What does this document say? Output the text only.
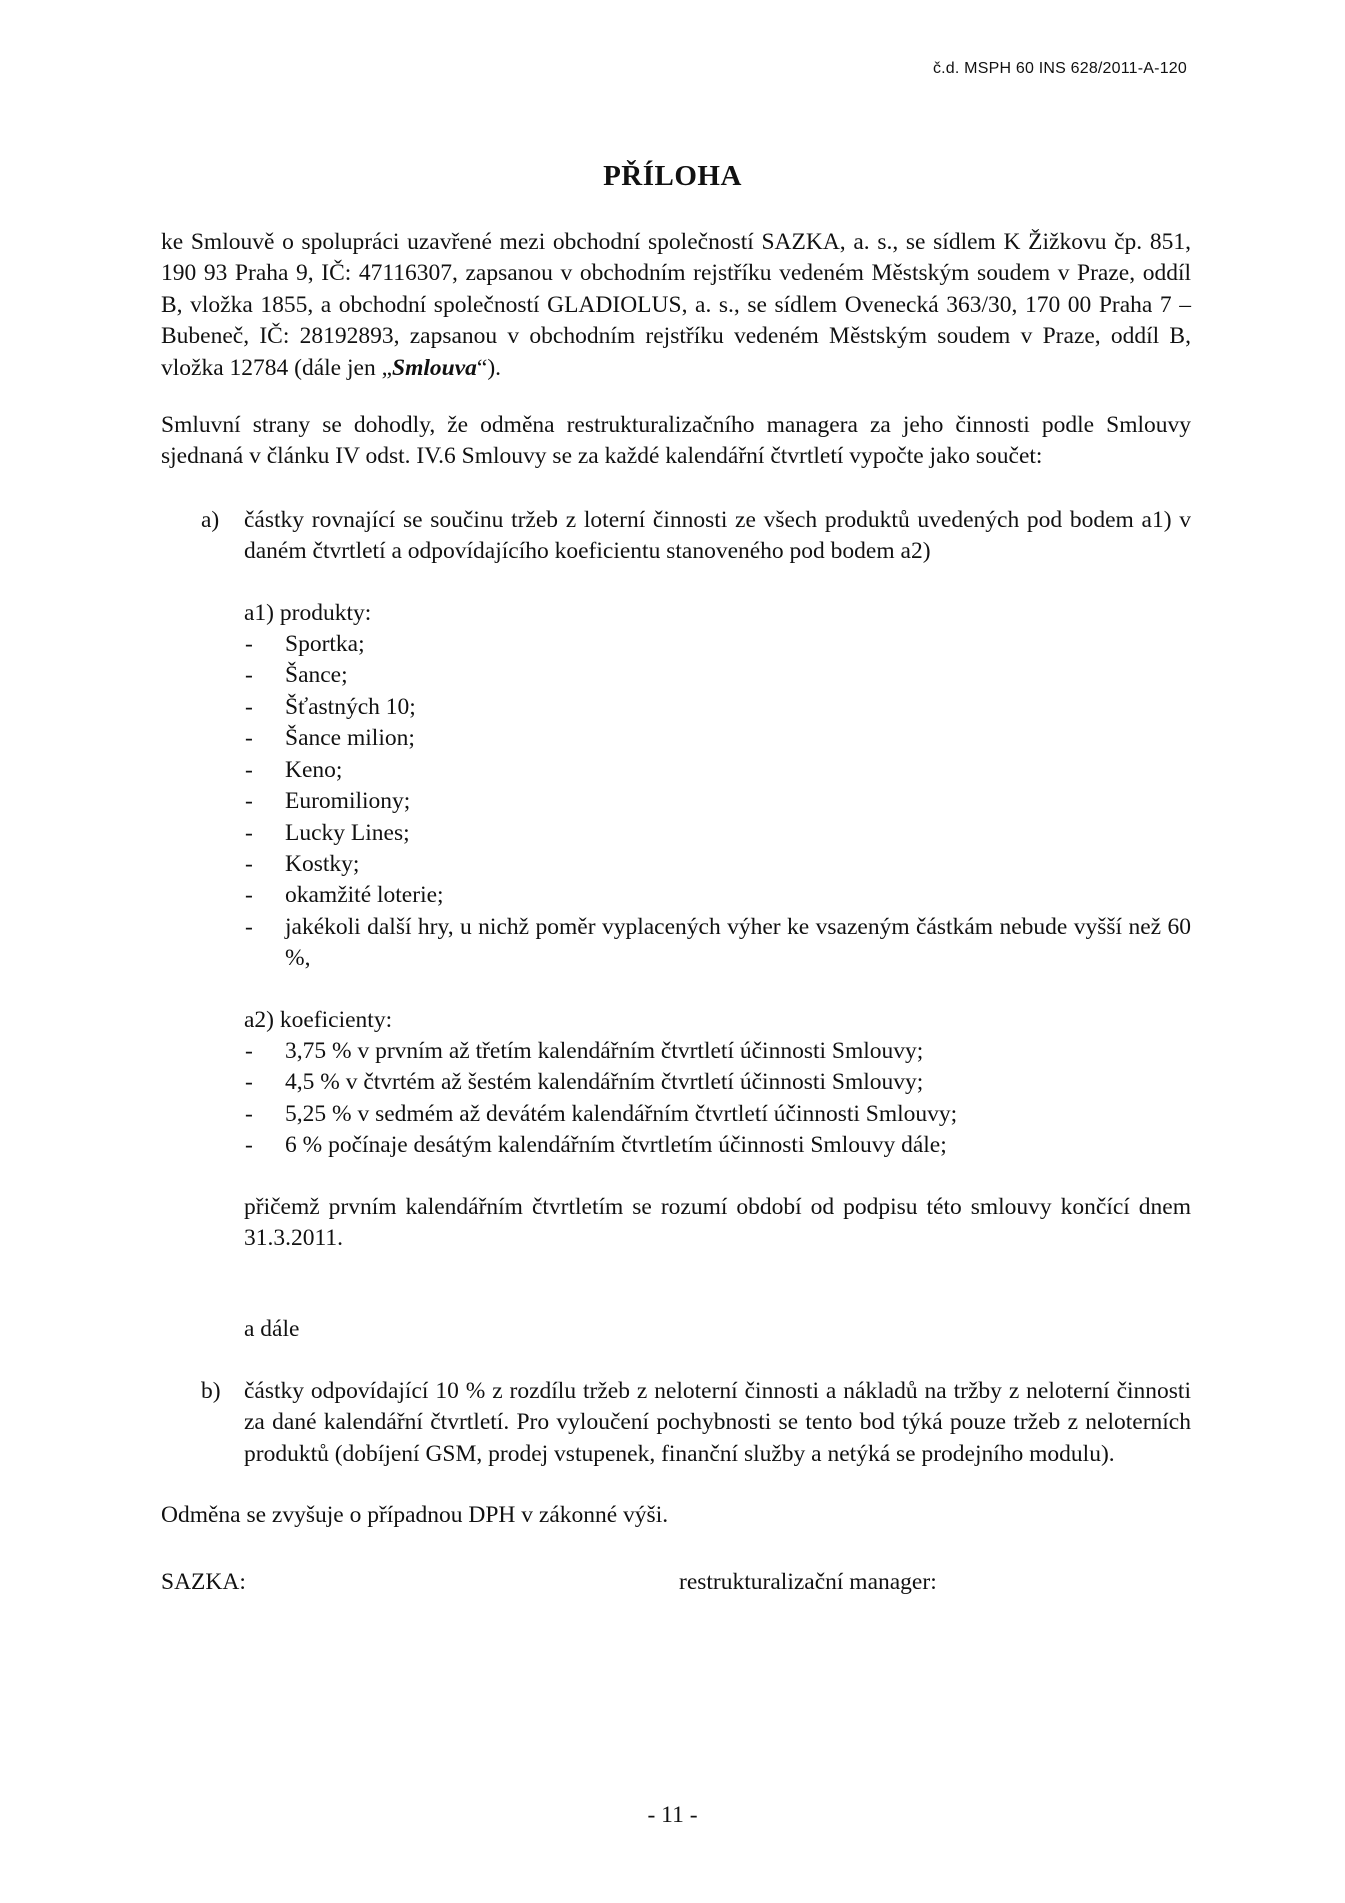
č.d. MSPH 60 INS 628/2011-A-120
PŘÍLOHA

ke Smlouvě o spolupráci uzavřené mezi obchodní společností SAZKA, a. s., se sídlem K Žižkovu čp. 851, 190 93 Praha 9, IČ: 47116307, zapsanou v obchodním rejstříku vedeném Městským soudem v Praze, oddíl B, vložka 1855, a obchodní společností GLADIOLUS, a. s., se sídlem Ovenecká 363/30, 170 00 Praha 7 – Bubeneč, IČ: 28192893, zapsanou v obchodním rejstříku vedeném Městským soudem v Praze, oddíl B, vložka 12784 (dále jen „Smlouva“).

Smluvní strany se dohodly, že odměna restrukturalizačního managera za jeho činnosti podle Smlouvy sjednaná v článku IV odst. IV.6 Smlouvy se za každé kalendářní čtvrtletí vypočte jako součet:

a) částky rovnající se součinu tržeb z loterní činnosti ze všech produktů uvedených pod bodem a1) v daném čtvrtletí a odpovídajícího koeficientu stanoveného pod bodem a2)

a1) produkty:

- Sportka;
- Šance;
- Šťastných 10;
- Šance milion;
- Keno;
- Euromiliony;
- Lucky Lines;
- Kostky;
- okamžité loterie;
- jakékoli další hry, u nichž poměr vyplacených výher ke vsazeným částkám nebude vyšší než 60 %,

a2) koeficienty:

- 3,75 % v prvním až třetím kalendářním čtvrtletí účinnosti Smlouvy;
- 4,5 % v čtvrtém až šestém kalendářním čtvrtletí účinnosti Smlouvy;
- 5,25 % v sedmém až devátém kalendářním čtvrtletí účinnosti Smlouvy;
- 6 % počínaje desátým kalendářním čtvrtletím účinnosti Smlouvy dále;

přičemž prvním kalendářním čtvrtletím se rozumí období od podpisu této smlouvy končící dnem 31.3.2011.

a dále

b) částky odpovídající 10 % z rozdílu tržeb z neloterní činnosti a nákladů na tržby z neloterní činnosti za dané kalendářní čtvrtletí. Pro vyloučení pochybnosti se tento bod týká pouze tržeb z neloterních produktů (dobíjení GSM, prodej vstupenek, finanční služby a netýká se prodejního modulu).

Odměna se zvyšuje o případnou DPH v zákonné výši.

SAZKA:	restrukturalizační manager:
- 11 -
